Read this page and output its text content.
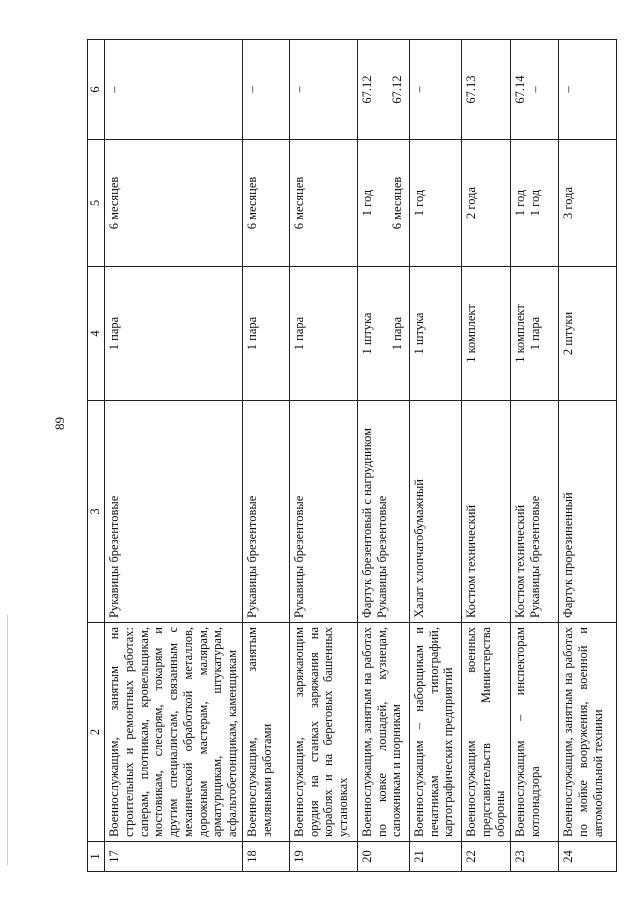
89
1	2	3	4	5	6
17	Военнослужащим, занятым на строительных и ремонтных работах: саперам, плотникам, кровельщикам, мостовикам, слесарям, токарям и другим специалистам, связанным с механической обработкой металлов, дорожным мастерам, малярам, арматурщикам, штукатурам, асфальтобетонщикам, каменщикам	Рукавицы брезентовые	1 пара	6 месяцев	–

18	Военнослужащим, занятым земляными работами	Рукавицы брезентовые	1 пара	6 месяцев	–

19	Военнослужащим, заряжающим орудия на станках заряжания на кораблях и на береговых башенных установках	Рукавицы брезентовые	1 пара	6 месяцев	–

20	Военнослужащим, занятым на работах по ковке лошадей, кузнецам, сапожникам и шорникам	Фартук брезентовый с нагрудником Рукавицы брезентовые	1 штука 1 пара	1 год 6 месяцев	67.12 67.12

21	Военнослужащим – наборщикам и печатникам типографий, картографических предприятий	Халат хлопчатобумажный	1 штука	1 год	–

22	Военнослужащим военных представительств Министерства обороны	Костюм технический	1 комплект	2 года	67.13

23	Военнослужащим – инспекторам котлонадзора	Костюм технический Рукавицы брезентовые	1 комплект 1 пара	1 год 1 год	67.14 –

24	Военнослужащим, занятым на работах по мойке вооружения, военной и автомобильной техники	Фартук прорезиненный	2 штуки	3 года	–
